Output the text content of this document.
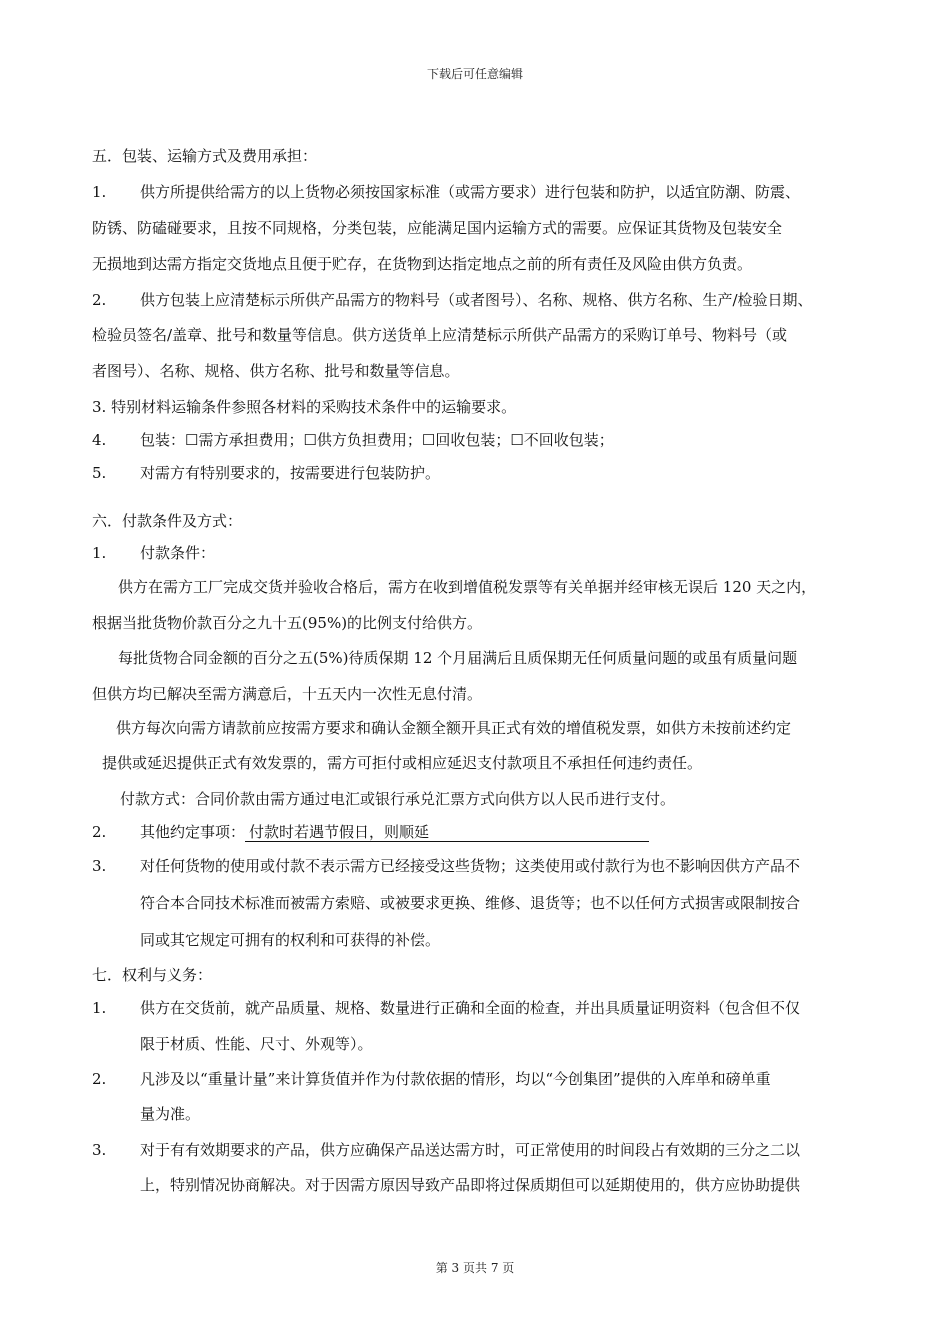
下载后可任意编辑
五．包装、运输方式及费用承担：
1. 供方所提供给需方的以上货物必须按国家标准（或需方要求）进行包装和防护，以适宜防潮、防震、
防锈、防磕碰要求，且按不同规格，分类包装，应能满足国内运输方式的需要。应保证其货物及包装安全
无损地到达需方指定交货地点且便于贮存，在货物到达指定地点之前的所有责任及风险由供方负责。
2. 供方包装上应清楚标示所供产品需方的物料号（或者图号）、名称、规格、供方名称、生产/检验日期、
检验员签名/盖章、批号和数量等信息。供方送货单上应清楚标示所供产品需方的采购订单号、物料号（或
者图号）、名称、规格、供方名称、批号和数量等信息。
3. 特别材料运输条件参照各材料的采购技术条件中的运输要求。
4. 包装：☐需方承担费用；☐供方负担费用；☐回收包装；☐不回收包装；
5. 对需方有特别要求的，按需要进行包装防护。
六．付款条件及方式：
1. 付款条件：
供方在需方工厂完成交货并验收合格后，需方在收到增值税发票等有关单据并经审核无误后 120 天之内，
根据当批货物价款百分之九十五(95%)的比例支付给供方。
每批货物合同金额的百分之五(5%)待质保期 12 个月届满后且质保期无任何质量问题的或虽有质量问题
但供方均已解决至需方满意后，十五天内一次性无息付清。
供方每次向需方请款前应按需方要求和确认金额全额开具正式有效的增值税发票，如供方未按前述约定
提供或延迟提供正式有效发票的，需方可拒付或相应延迟支付款项且不承担任何违约责任。
付款方式：合同价款由需方通过电汇或银行承兑汇票方式向供方以人民币进行支付。
2. 其他约定事项： 付款时若遇节假日，则顺延
3. 对任何货物的使用或付款不表示需方已经接受这些货物；这类使用或付款行为也不影响因供方产品不
符合本合同技术标准而被需方索赔、或被要求更换、维修、退货等；也不以任何方式损害或限制按合
同或其它规定可拥有的权利和可获得的补偿。
七．权利与义务：
1. 供方在交货前，就产品质量、规格、数量进行正确和全面的检查，并出具质量证明资料（包含但不仅
限于材质、性能、尺寸、外观等）。
2. 凡涉及以“重量计量”来计算货值并作为付款依据的情形，均以“今创集团”提供的入库单和磅单重
量为准。
3. 对于有有效期要求的产品，供方应确保产品送达需方时，可正常使用的时间段占有效期的三分之二以
上，特别情况协商解决。对于因需方原因导致产品即将过保质期但可以延期使用的，供方应协助提供
第 3 页共 7 页
